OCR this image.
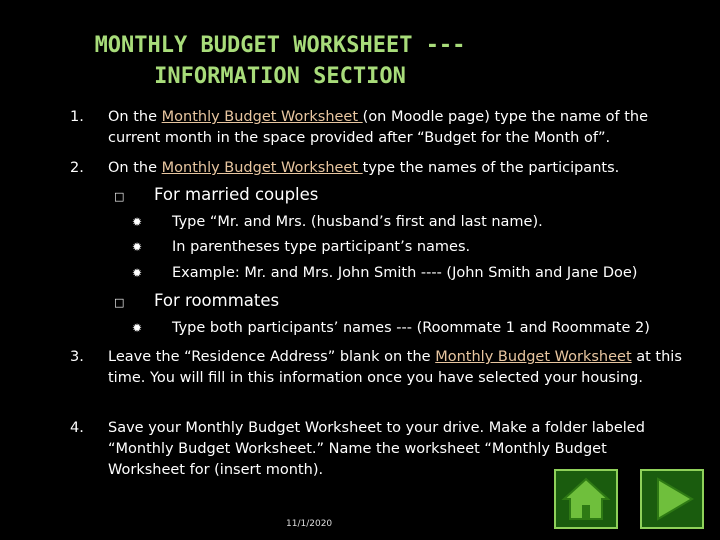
MONTHLY BUDGET WORKSHEET ---
INFORMATION SECTION
1.	On the Monthly Budget Worksheet (on Moodle page) type the name of the current month in the space provided after “Budget for the Month of”.
2.	On the Monthly Budget Worksheet type the names of the participants.
□ For married couples
✹ Type “Mr. and Mrs. (husband’s first and last name).
✹ In parentheses type participant’s names.
✹ Example: Mr. and Mrs. John Smith ---- (John Smith and Jane Doe)
□ For roommates
✹ Type both participants’ names --- (Roommate 1 and Roommate 2)
3.	Leave the “Residence Address” blank on the Monthly Budget Worksheet at this time. You will fill in this information once you have selected your housing.
4.	Save your Monthly Budget Worksheet to your drive. Make a folder labeled “Monthly Budget Worksheet.” Name the worksheet “Monthly Budget Worksheet for (insert month).
11/1/2020
